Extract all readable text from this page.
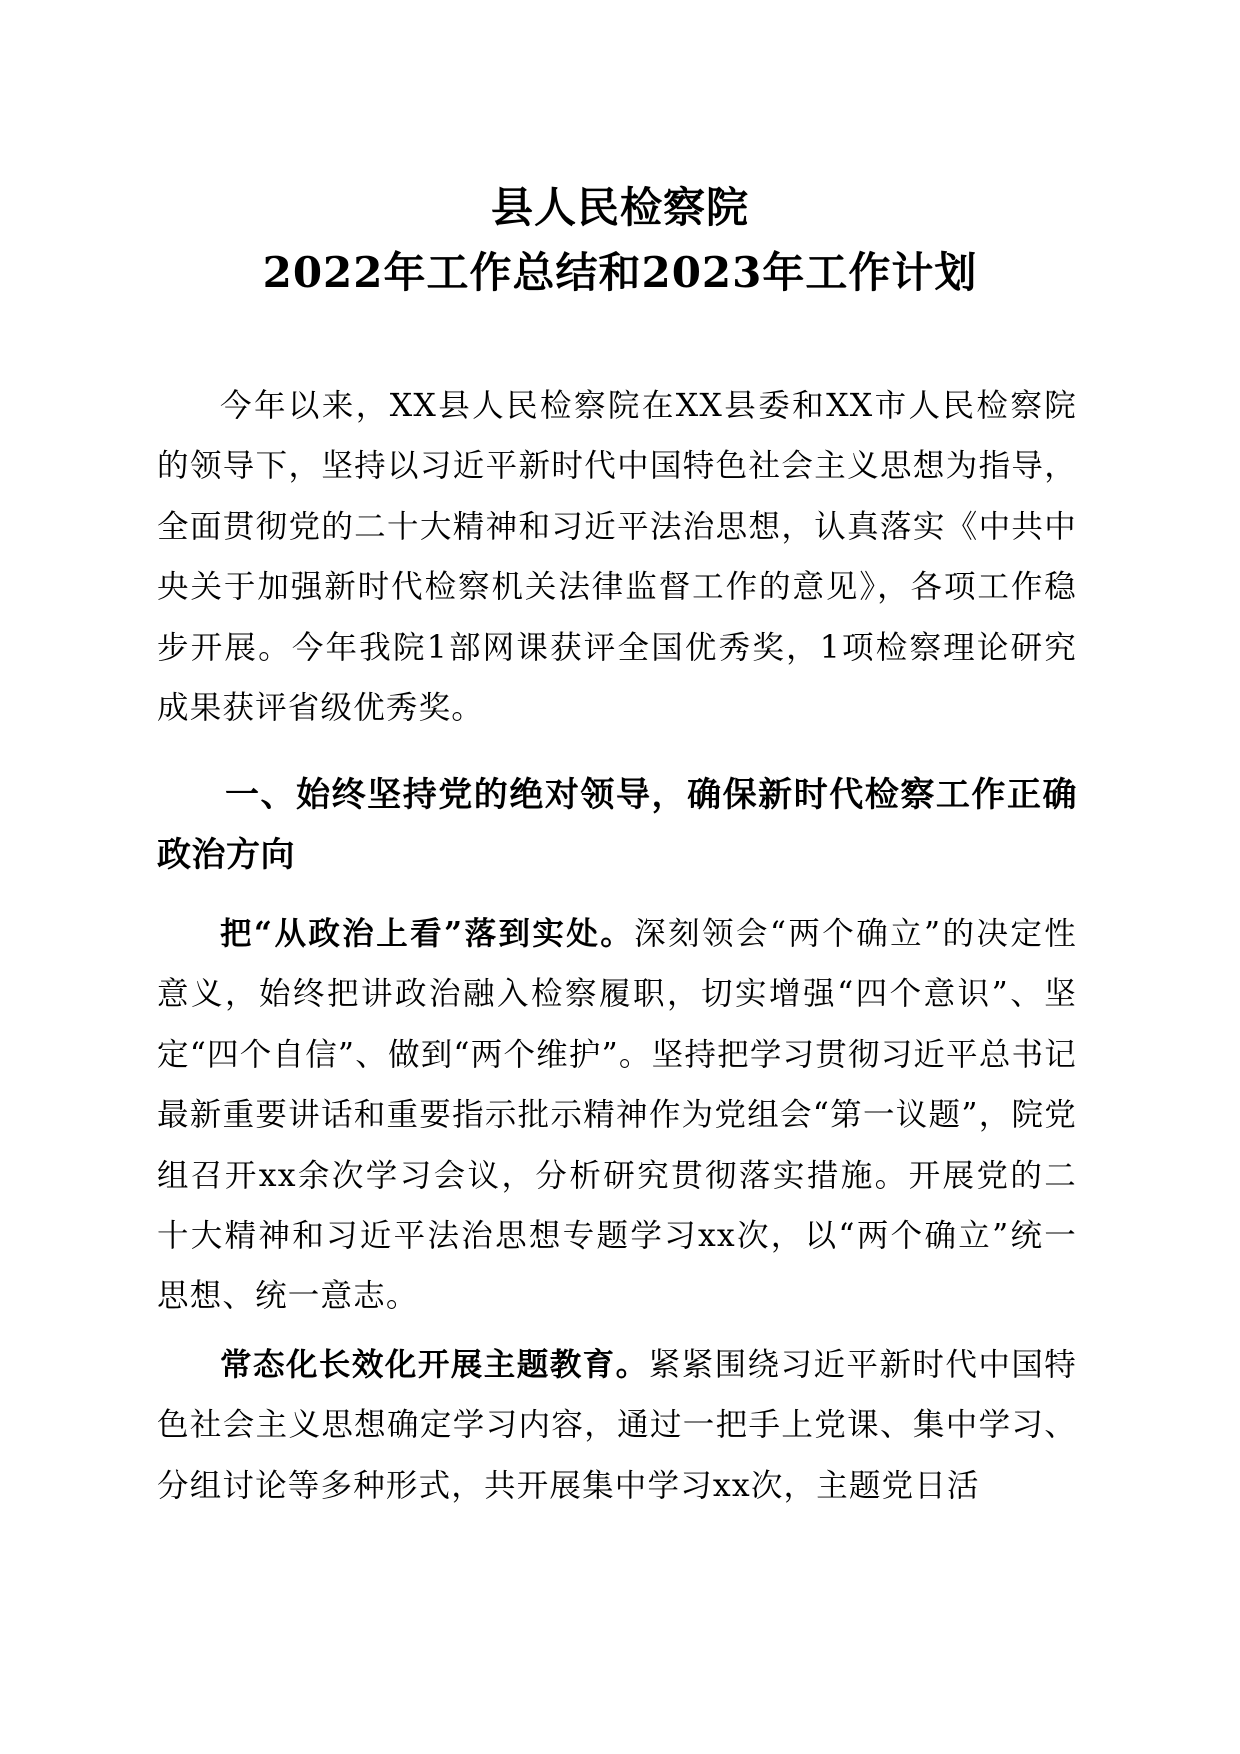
县人民检察院
2022年工作总结和2023年工作计划

今年以来，XX县人民检察院在XX县委和XX市人民检察院的领导下，坚持以习近平新时代中国特色社会主义思想为指导，全面贯彻党的二十大精神和习近平法治思想，认真落实《中共中央关于加强新时代检察机关法律监督工作的意见》，各项工作稳步开展。今年我院1部网课获评全国优秀奖，1项检察理论研究成果获评省级优秀奖。

一、始终坚持党的绝对领导，确保新时代检察工作正确政治方向

把“从政治上看”落到实处。深刻领会“两个确立”的决定性意义，始终把讲政治融入检察履职，切实增强“四个意识”、坚定“四个自信”、做到“两个维护”。坚持把学习贯彻习近平总书记最新重要讲话和重要指示批示精神作为党组会“第一议题”，院党组召开xx余次学习会议，分析研究贯彻落实措施。开展党的二十大精神和习近平法治思想专题学习xx次，以“两个确立”统一思想、统一意志。

常态化长效化开展主题教育。紧紧围绕习近平新时代中国特色社会主义思想确定学习内容，通过一把手上党课、集中学习、分组讨论等多种形式，共开展集中学习xx次，主题党日活
